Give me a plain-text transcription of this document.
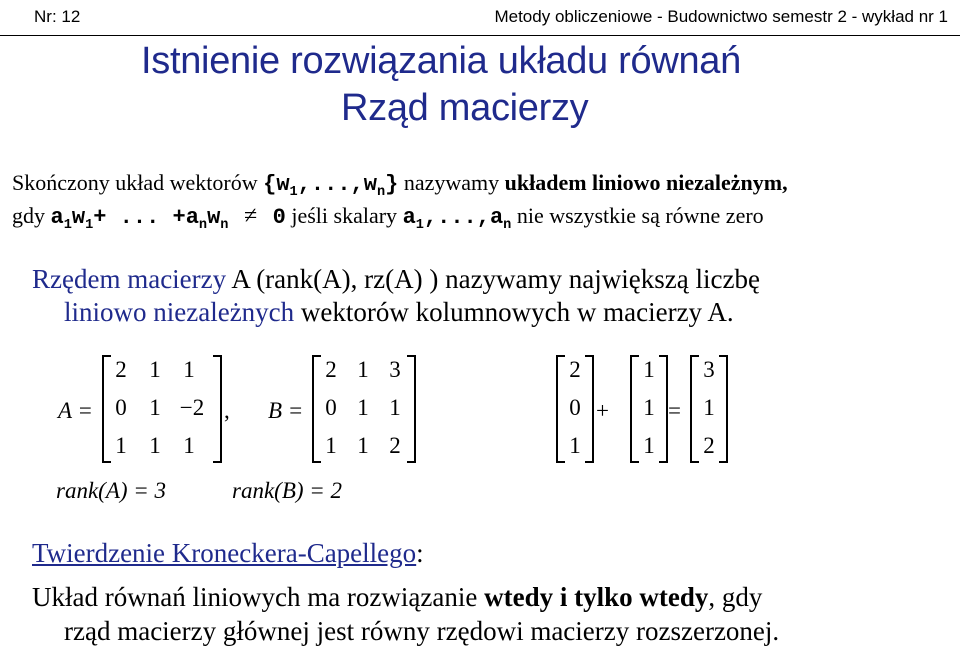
Nr: 12	Metody obliczeniowe - Budownictwo semestr 2 - wykład nr 1
Istnienie rozwiązania układu równań
Rząd macierzy
Skończony układ wektorów $\{w_1,...,w_n\}$ nazywamy układem liniowo niezależnym,
gdy $a_1w_1+$ ... $+a_nw_n \ne 0$ jeśli skalary $a_1,...,a_n$ nie wszystkie są równe zero
Rzędem macierzy A (rank(A), rz(A) ) nazywamy największą liczbę
liniowo niezależnych wektorów kolumnowych w macierzy A.
A =
2 1 1
0 1 −2
1 1 1
, B =
2 1 3
0 1 1
1 1 2
rank(A) = 3	rank(B) = 2
2
0
1
+
1
1
1
=
3
1
2
Twierdzenie Kroneckera-Capellego:
Układ równań liniowych ma rozwiązanie wtedy i tylko wtedy, gdy
rząd macierzy głównej jest równy rzędowi macierzy rozszerzonej.
